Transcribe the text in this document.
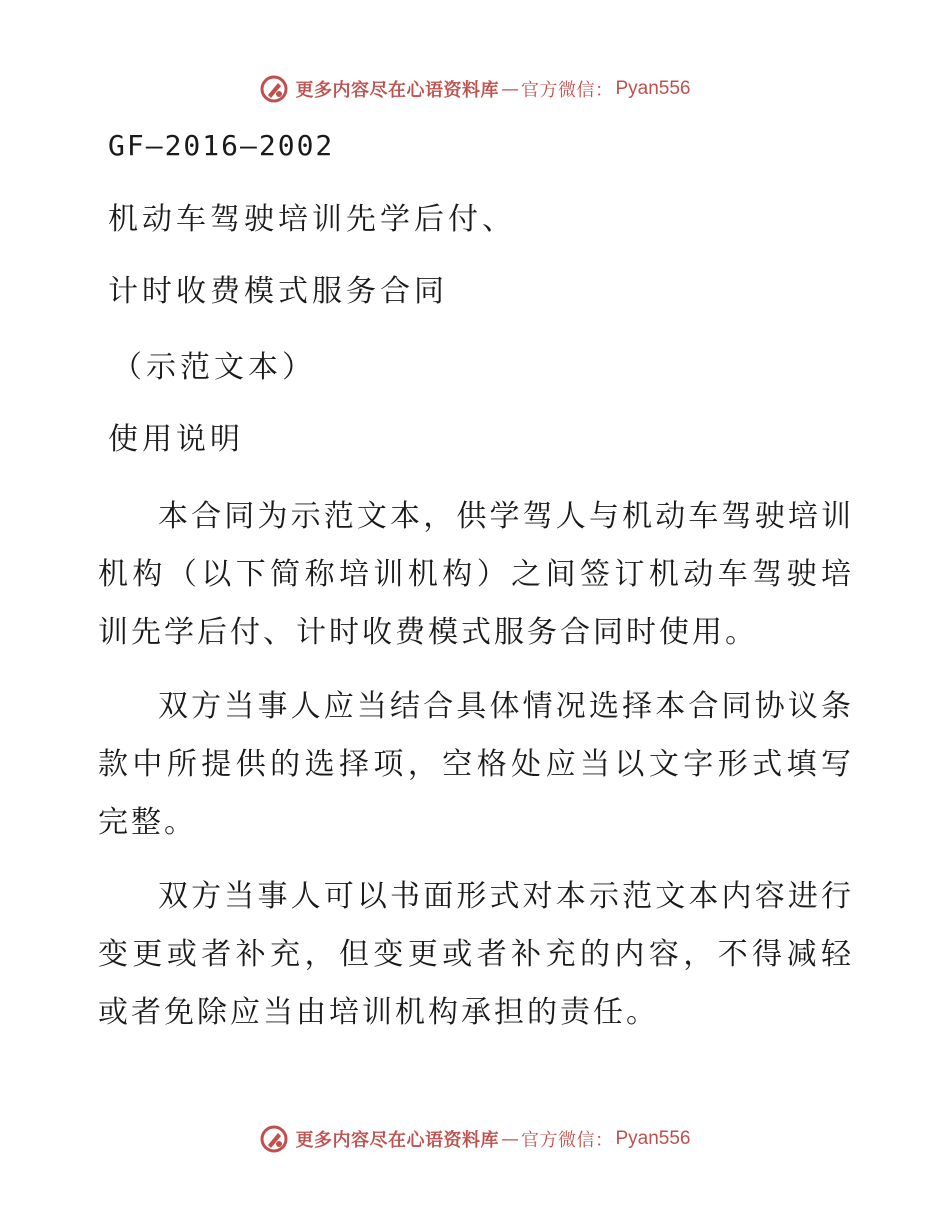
更多内容尽在心语资料库 — 官方微信： Pyan556
GF—2016—2002
机动车驾驶培训先学后付、
计时收费模式服务合同
（示范文本）
使用说明

本合同为示范文本，供学驾人与机动车驾驶培训机构（以下简称培训机构）之间签订机动车驾驶培训先学后付、计时收费模式服务合同时使用。

双方当事人应当结合具体情况选择本合同协议条款中所提供的选择项，空格处应当以文字形式填写完整。

双方当事人可以书面形式对本示范文本内容进行变更或者补充，但变更或者补充的内容，不得减轻或者免除应当由培训机构承担的责任。

更多内容尽在心语资料库 — 官方微信： Pyan556
